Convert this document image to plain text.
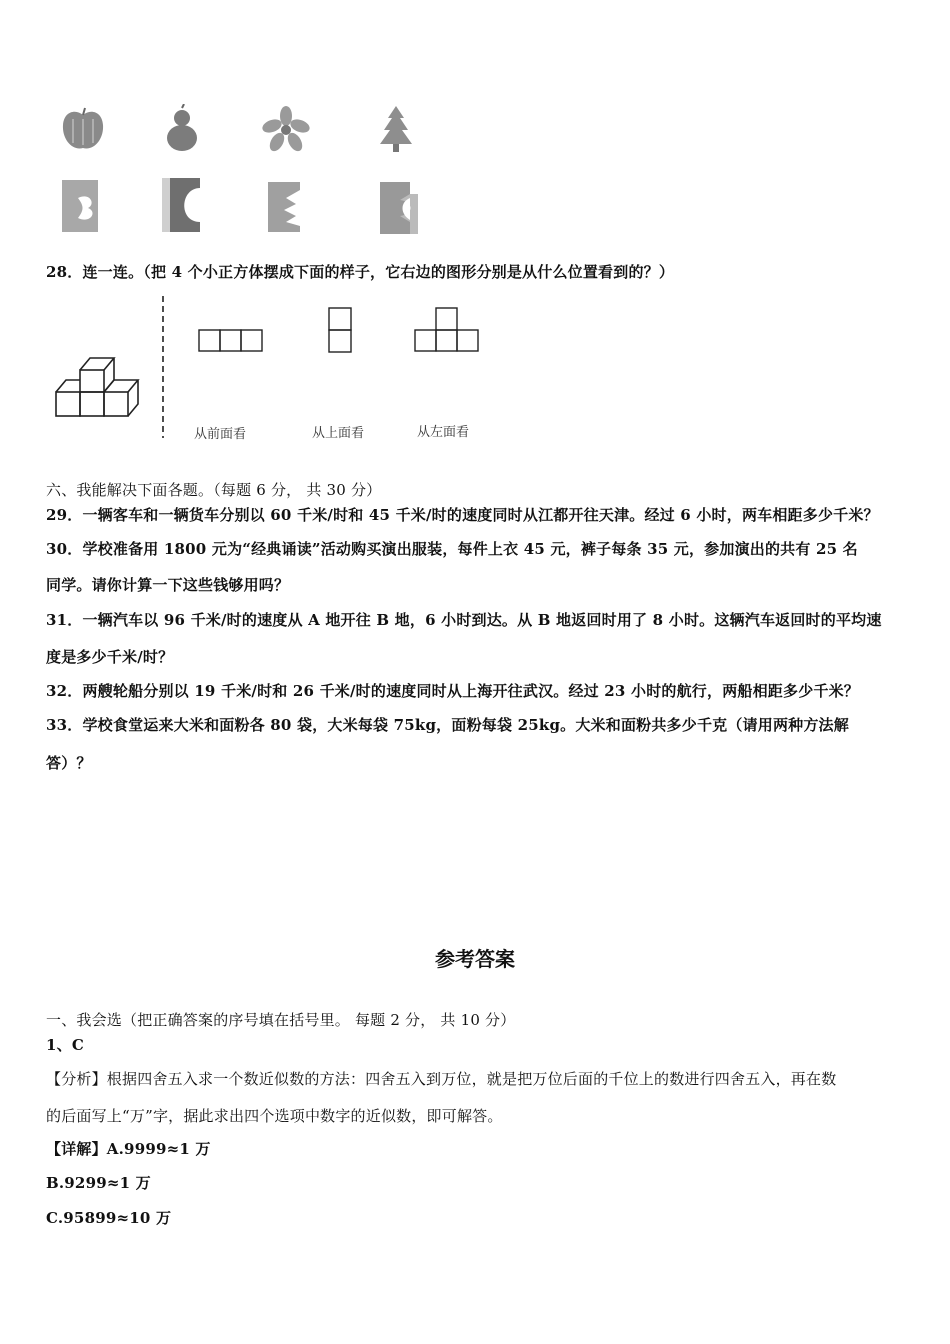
28．连一连。（把 4 个小正方体摆成下面的样子，它右边的图形分别是从什么位置看到的？）
从前面看	从上面看	从左面看
六、我能解决下面各题。（每题 6 分， 共 30 分）
29．一辆客车和一辆货车分别以 60 千米/时和 45 千米/时的速度同时从江都开往天津。经过 6 小时，两车相距多少千米？
30．学校准备用 1800 元为“经典诵读”活动购买演出服装，每件上衣 45 元，裤子每条 35 元，参加演出的共有 25 名
同学。请你计算一下这些钱够用吗？
31．一辆汽车以 96 千米/时的速度从 A 地开往 B 地，6 小时到达。从 B 地返回时用了 8 小时。这辆汽车返回时的平均速
度是多少千米/时？
32．两艘轮船分别以 19 千米/时和 26 千米/时的速度同时从上海开往武汉。经过 23 小时的航行，两船相距多少千米？
33．学校食堂运来大米和面粉各 80 袋，大米每袋 75kg，面粉每袋 25kg。大米和面粉共多少千克（请用两种方法解
答）？
参考答案
一、我会选（把正确答案的序号填在括号里。 每题 2 分， 共 10 分）
1、C
【分析】根据四舍五入求一个数近似数的方法：四舍五入到万位，就是把万位后面的千位上的数进行四舍五入，再在数
的后面写上“万”字，据此求出四个选项中数字的近似数，即可解答。
【详解】A.9999≈1 万
B.9299≈1 万
C.95899≈10 万
